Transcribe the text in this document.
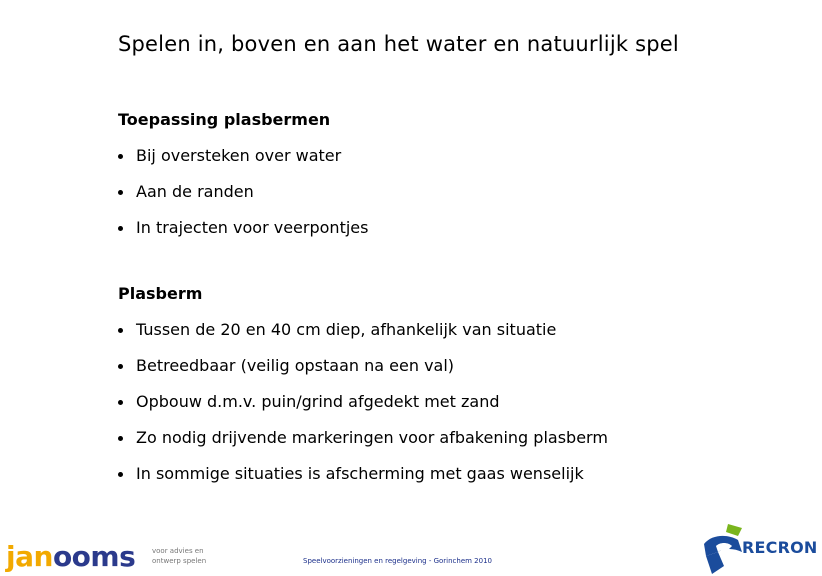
Spelen in, boven en aan het water en natuurlijk spel

Toepassing plasbermen

Bij oversteken over water
Aan de randen
In trajecten voor veerpontjes

Plasberm

Tussen de 20 en 40 cm diep, afhankelijk van situatie
Betreedbaar (veilig opstaan na een val)
Opbouw d.m.v. puin/grind afgedekt met zand
Zo nodig drijvende markeringen voor afbakening plasberm
In sommige situaties is afscherming met gaas wenselijk
janooms voor advies en
ontwerp spelen	Speelvoorzieningen en regelgeving - Gorinchem 2010
RECRON
